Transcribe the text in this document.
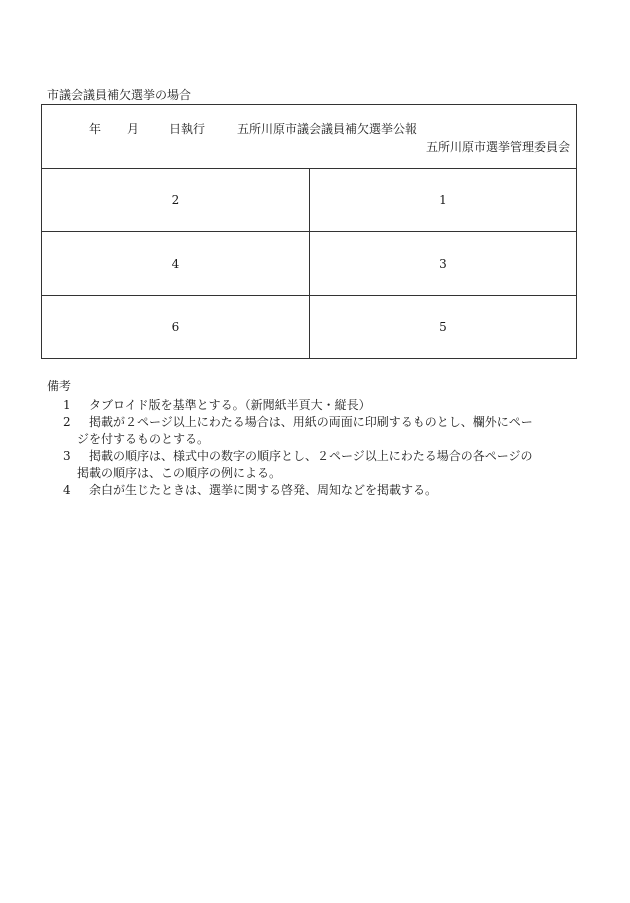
市議会議員補欠選挙の場合
年 月 日執行	五所川原市議会議員補欠選挙公報
五所川原市選挙管理委員会
2	1
4	3
6	5
備考
1	タブロイド版を基準とする。（新聞紙半頁大・縦長）
2	掲載が２ページ以上にわたる場合は、用紙の両面に印刷するものとし、欄外にペー
ジを付するものとする。
3	掲載の順序は、様式中の数字の順序とし、２ページ以上にわたる場合の各ページの
掲載の順序は、この順序の例による。
4	余白が生じたときは、選挙に関する啓発、周知などを掲載する。
